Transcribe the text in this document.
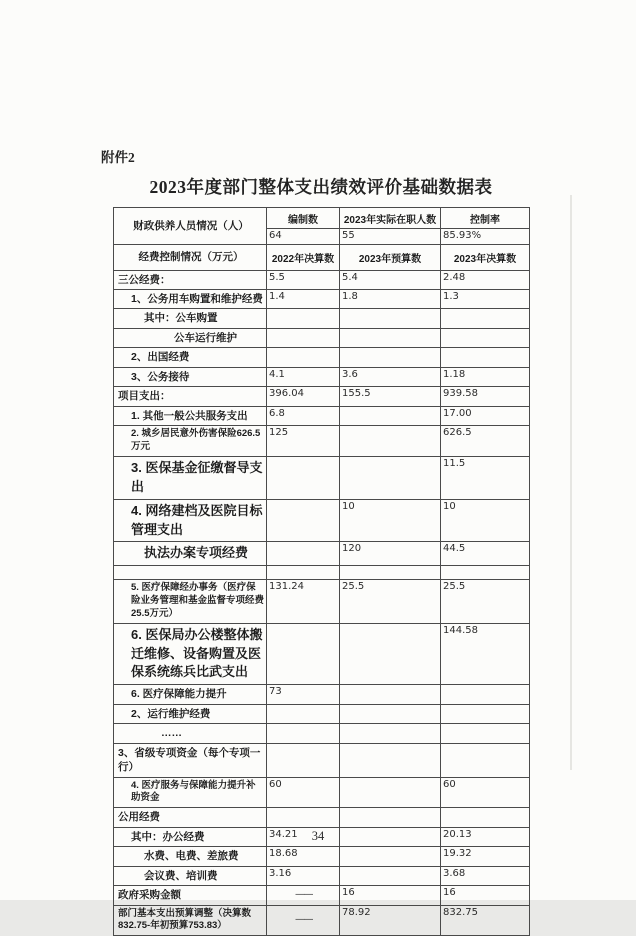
附件2
2023年度部门整体支出绩效评价基础数据表
财政供养人员情况（人）	编制数	2023年实际在职人数	控制率
	64	55	85.93%
经费控制情况（万元）	2022年决算数	2023年预算数	2023年决算数
三公经费：	5.5	5.4	2.48
1、公务用车购置和维护经费	1.4	1.8	1.3
其中：公车购置			
公车运行维护			
2、出国经费			
3、公务接待	4.1	3.6	1.18
项目支出：	396.04	155.5	939.58
1. 其他一般公共服务支出	6.8		17.00
2. 城乡居民意外伤害保险626.5万元	125		626.5
3. 医保基金征缴督导支出			11.5
4. 网络建档及医院目标管理支出		10	10
执法办案专项经费		120	44.5

5. 医疗保障经办事务（医疗保险业务管理和基金监督专项经费25.5万元）	131.24	25.5	25.5
6. 医保局办公楼整体搬迁维修、设备购置及医保系统练兵比武支出			144.58
6. 医疗保障能力提升	73		
2、运行维护经费			
……			
3、省级专项资金（每个专项一行）			
4. 医疗服务与保障能力提升补助资金	60		60
公用经费			
其中：办公经费	34.21		20.13
水费、电费、差旅费	18.68		19.32
会议费、培训费	3.16		3.68
政府采购金额	——	16	16
部门基本支出预算调整（决算数832.75-年初预算753.83）	——	78.92	832.75
34
